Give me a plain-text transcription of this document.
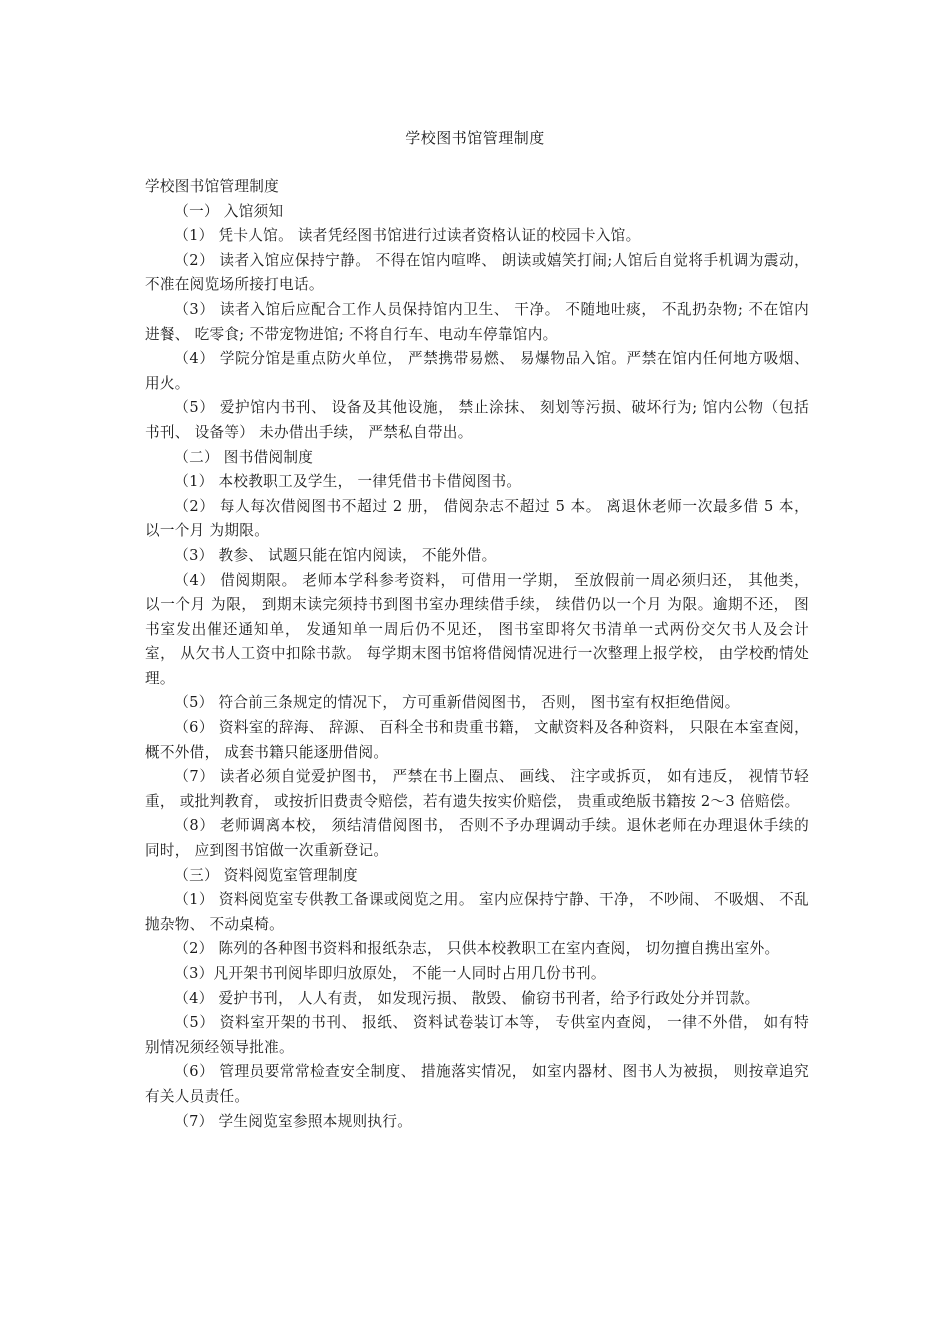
学校图书馆管理制度

学校图书馆管理制度

（一） 入馆须知

（1） 凭卡人馆。 读者凭经图书馆进行过读者资格认证的校园卡入馆。

（2） 读者入馆应保持宁静。 不得在馆内喧哗、 朗读或嬉笑打闹;人馆后自觉将手机调为震动， 不准在阅览场所接打电话。

（3） 读者入馆后应配合工作人员保持馆内卫生、 干净。 不随地吐痰， 不乱扔杂物; 不在馆内进餐、 吃零食; 不带宠物进馆; 不将自行车、电动车停靠馆内。

（4） 学院分馆是重点防火单位， 严禁携带易燃、 易爆物品入馆。严禁在馆内任何地方吸烟、 用火。

（5） 爱护馆内书刊、 设备及其他设施， 禁止涂抹、 刻划等污损、破坏行为; 馆内公物（包括书刊、 设备等） 未办借出手续， 严禁私自带出。

（二） 图书借阅制度

（1） 本校教职工及学生， 一律凭借书卡借阅图书。

（2） 每人每次借阅图书不超过 2 册， 借阅杂志不超过 5 本。 离退休老师一次最多借 5 本， 以一个月 为期限。

（3） 教参、 试题只能在馆内阅读， 不能外借。

（4） 借阅期限。 老师本学科参考资料， 可借用一学期， 至放假前一周必须归还， 其他类， 以一个月 为限， 到期末读完须持书到图书室办理续借手续， 续借仍以一个月 为限。逾期不还， 图书室发出催还通知单， 发通知单一周后仍不见还， 图书室即将欠书清单一式两份交欠书人及会计室， 从欠书人工资中扣除书款。 每学期末图书馆将借阅情况进行一次整理上报学校， 由学校酌情处理。

（5） 符合前三条规定的情况下， 方可重新借阅图书， 否则， 图书室有权拒绝借阅。

（6） 资料室的辞海、 辞源、 百科全书和贵重书籍， 文献资料及各种资料， 只限在本室查阅， 概不外借， 成套书籍只能逐册借阅。

（7） 读者必须自觉爱护图书， 严禁在书上圈点、 画线、 注字或拆页， 如有违反， 视情节轻重， 或批判教育， 或按折旧费责令赔偿，若有遗失按实价赔偿， 贵重或绝版书籍按 2～3 倍赔偿。

（8） 老师调离本校， 须结清借阅图书， 否则不予办理调动手续。退休老师在办理退休手续的同时， 应到图书馆做一次重新登记。

（三） 资料阅览室管理制度

（1） 资料阅览室专供教工备课或阅览之用。 室内应保持宁静、干净， 不吵闹、 不吸烟、 不乱抛杂物、 不动桌椅。

（2） 陈列的各种图书资料和报纸杂志， 只供本校教职工在室内查阅， 切勿擅自携出室外。

（3）凡开架书刊阅毕即归放原处， 不能一人同时占用几份书刊。

（4） 爱护书刊， 人人有责， 如发现污损、 散毁、 偷窃书刊者，给予行政处分并罚款。

（5） 资料室开架的书刊、 报纸、 资料试卷装订本等， 专供室内查阅， 一律不外借， 如有特别情况须经领导批准。

（6） 管理员要常常检查安全制度、 措施落实情况， 如室内器材、图书人为被损， 则按章追究有关人员责任。

（7） 学生阅览室参照本规则执行。
